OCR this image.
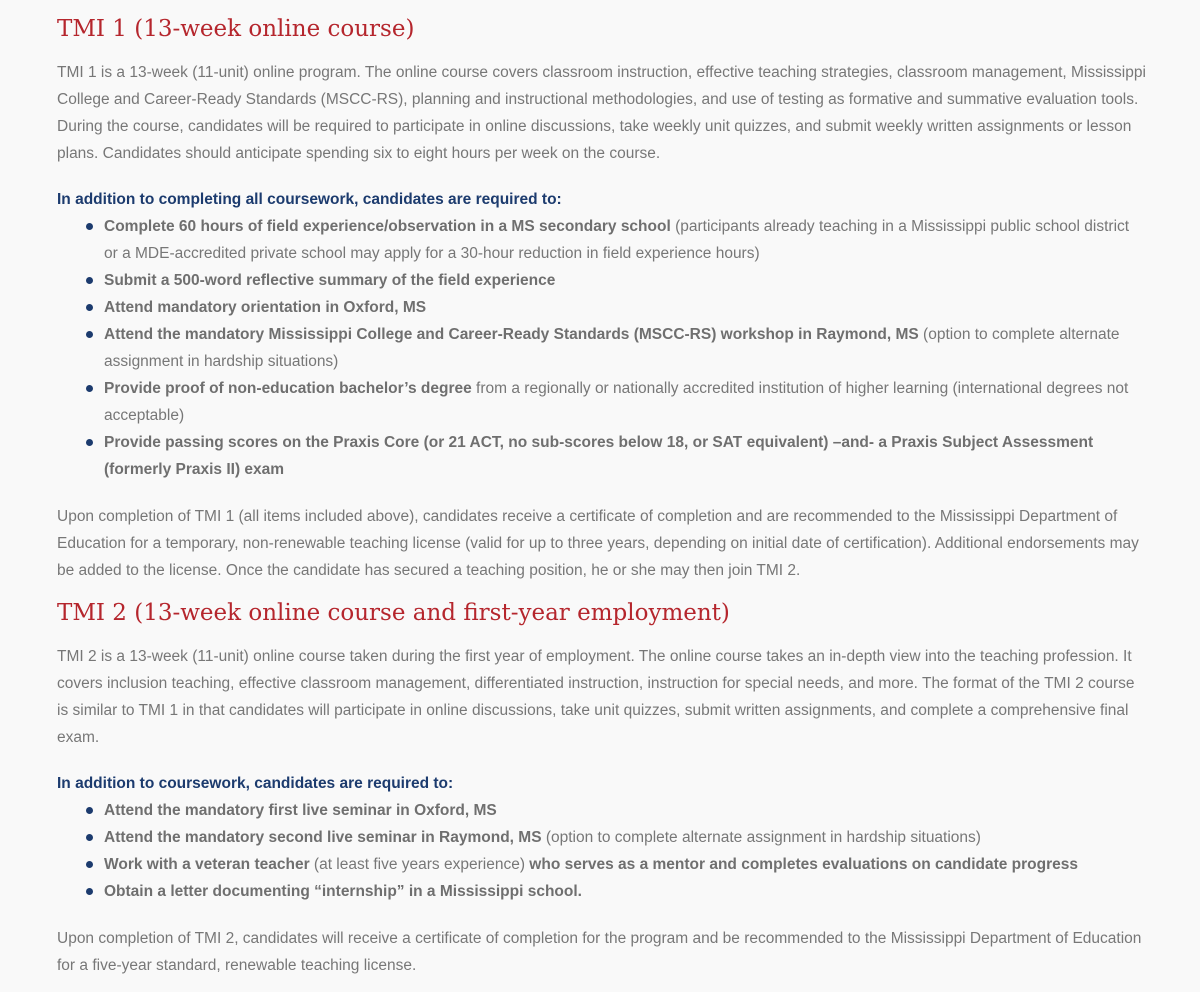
TMI 1 (13-week online course)

TMI 1 is a 13-week (11-unit) online program. The online course covers classroom instruction, effective teaching strategies, classroom management, Mississippi College and Career-Ready Standards (MSCC-RS), planning and instructional methodologies, and use of testing as formative and summative evaluation tools. During the course, candidates will be required to participate in online discussions, take weekly unit quizzes, and submit weekly written assignments or lesson plans. Candidates should anticipate spending six to eight hours per week on the course.

In addition to completing all coursework, candidates are required to:

Complete 60 hours of field experience/observation in a MS secondary school (participants already teaching in a Mississippi public school district or a MDE-accredited private school may apply for a 30-hour reduction in field experience hours)
Submit a 500-word reflective summary of the field experience
Attend mandatory orientation in Oxford, MS
Attend the mandatory Mississippi College and Career-Ready Standards (MSCC-RS) workshop in Raymond, MS (option to complete alternate assignment in hardship situations)
Provide proof of non-education bachelor’s degree from a regionally or nationally accredited institution of higher learning (international degrees not acceptable)
Provide passing scores on the Praxis Core (or 21 ACT, no sub-scores below 18, or SAT equivalent) –and- a Praxis Subject Assessment (formerly Praxis II) exam

Upon completion of TMI 1 (all items included above), candidates receive a certificate of completion and are recommended to the Mississippi Department of Education for a temporary, non-renewable teaching license (valid for up to three years, depending on initial date of certification). Additional endorsements may be added to the license. Once the candidate has secured a teaching position, he or she may then join TMI 2.

TMI 2 (13-week online course and first-year employment)

TMI 2 is a 13-week (11-unit) online course taken during the first year of employment. The online course takes an in-depth view into the teaching profession. It covers inclusion teaching, effective classroom management, differentiated instruction, instruction for special needs, and more. The format of the TMI 2 course is similar to TMI 1 in that candidates will participate in online discussions, take unit quizzes, submit written assignments, and complete a comprehensive final exam.

In addition to coursework, candidates are required to:

Attend the mandatory first live seminar in Oxford, MS
Attend the mandatory second live seminar in Raymond, MS (option to complete alternate assignment in hardship situations)
Work with a veteran teacher (at least five years experience) who serves as a mentor and completes evaluations on candidate progress
Obtain a letter documenting “internship” in a Mississippi school.

Upon completion of TMI 2, candidates will receive a certificate of completion for the program and be recommended to the Mississippi Department of Education for a five-year standard, renewable teaching license.
